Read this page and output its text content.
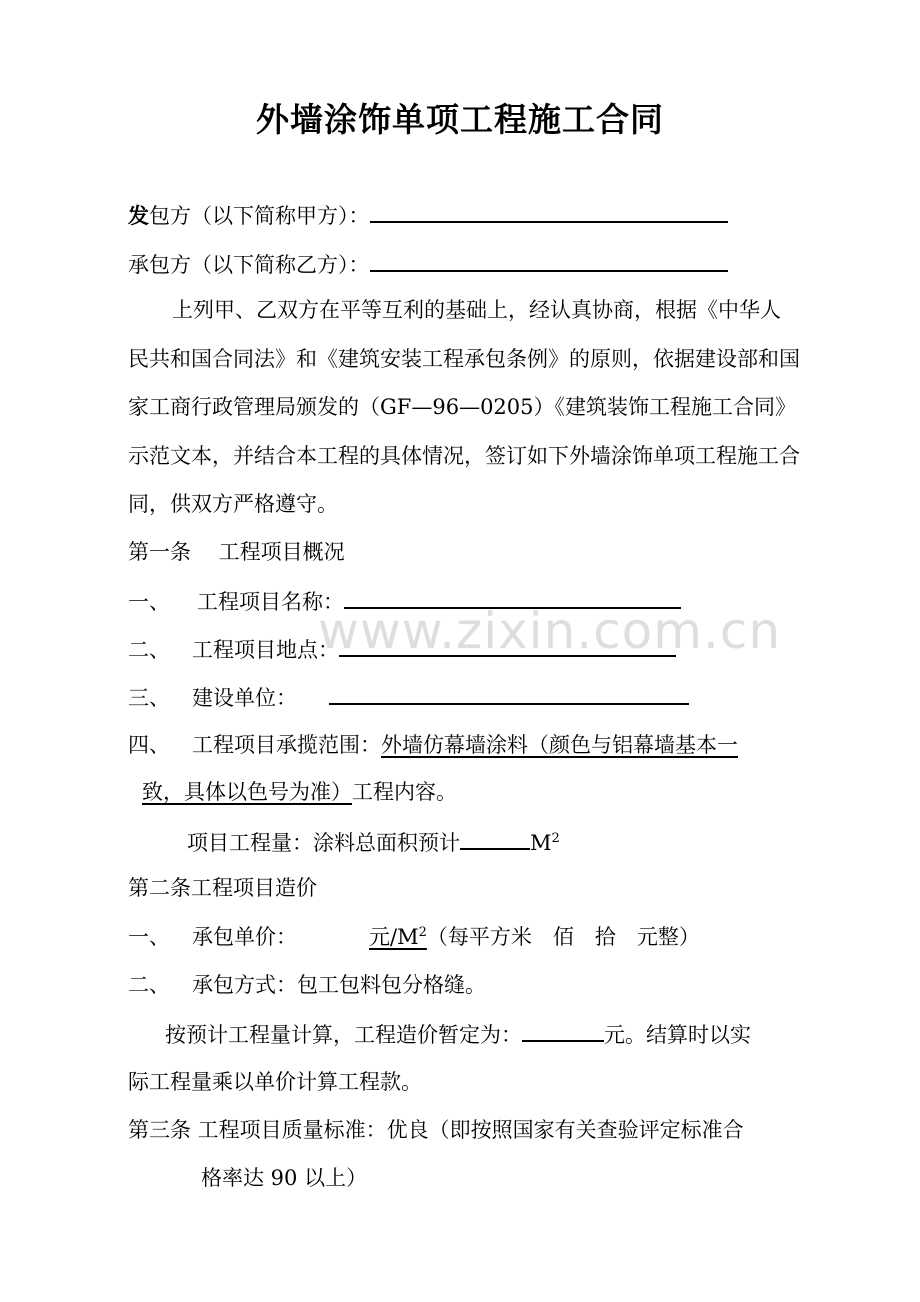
外墙涂饰单项工程施工合同
发包方（以下简称甲方）：
承包方（以下简称乙方）：
上列甲、乙双方在平等互利的基础上，经认真协商，根据《中华人民共和国合同法》和《建筑安装工程承包条例》的原则，依据建设部和国家工商行政管理局颁发的（GF—96—0205）《建筑装饰工程施工合同》示范文本，并结合本工程的具体情况，签订如下外墙涂饰单项工程施工合同，供双方严格遵守。
第一条　 工程项目概况
一、 工程项目名称：
二、 工程项目地点：
三、 建设单位：
四、 工程项目承揽范围：外墙仿幕墙涂料（颜色与铝幕墙基本一
致，具体以色号为准）工程内容。
项目工程量：涂料总面积预计	$M^2$
第二条工程项目造价
一、 承包单价：	元$/M^2$（每平方米　佰　拾　元整）
二、 承包方式：包工包料包分格缝。
按预计工程量计算，工程造价暂定为：	元。结算时以实
际工程量乘以单价计算工程款。
第三条 工程项目质量标准：优良（即按照国家有关查验评定标准合
格率达 90 以上）
www.zixin.com.cn
